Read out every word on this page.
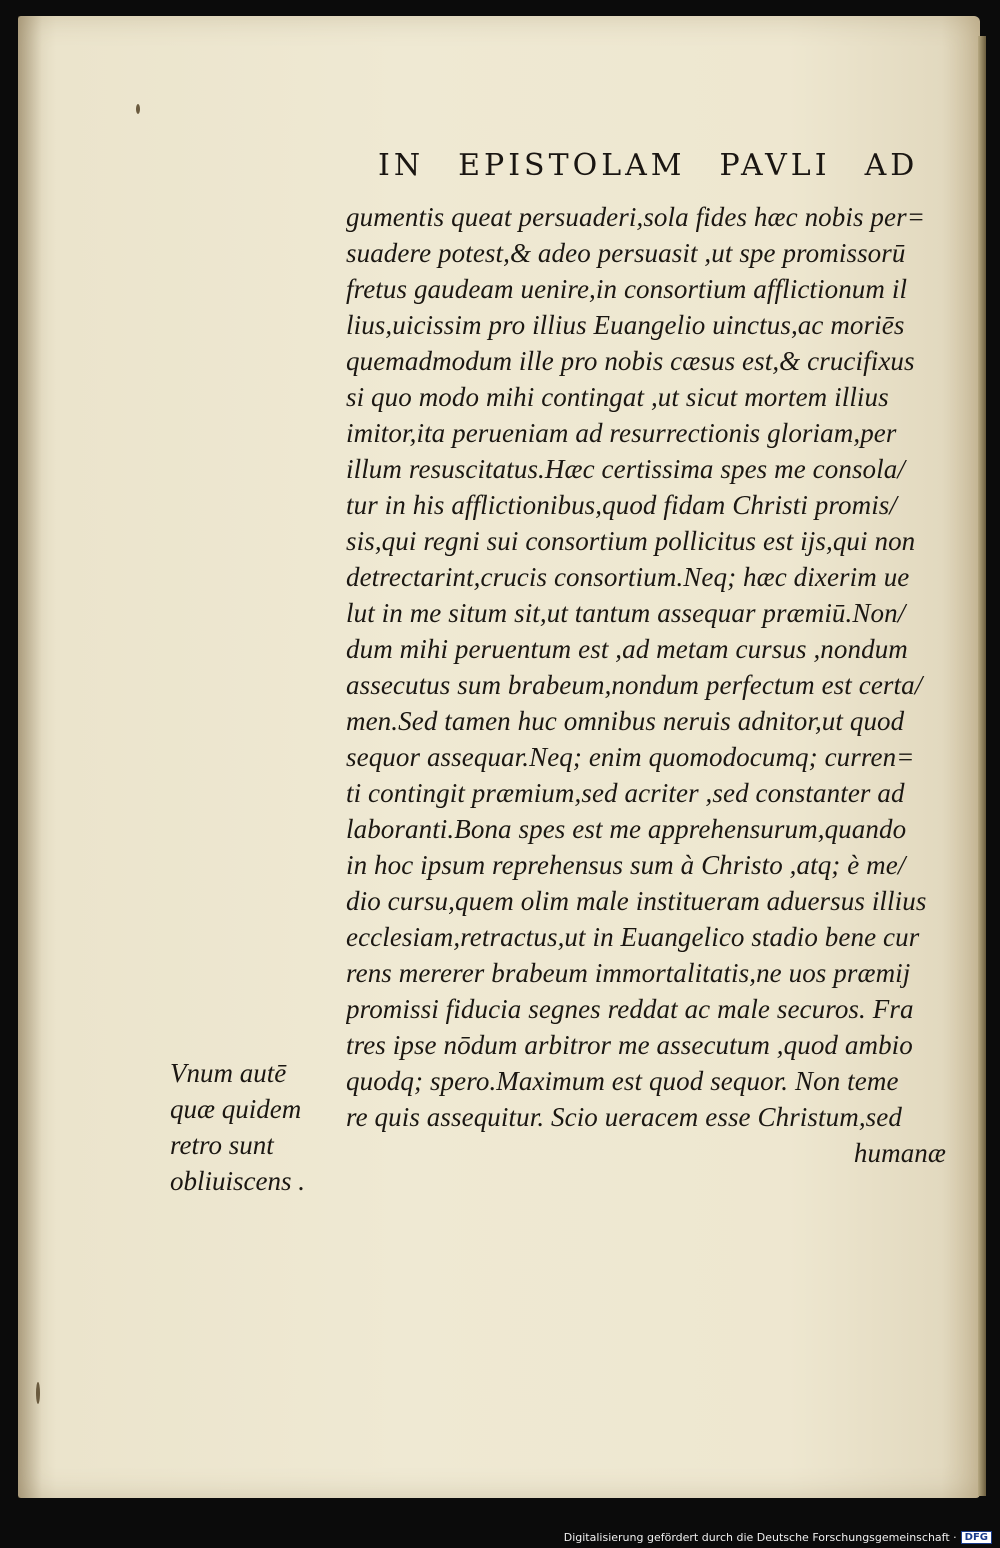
IN EPISTOLAM PAVLI AD
gumentis queat persuaderi,sola fides hæc nobis per=
suadere potest,& adeo persuasit ,ut spe promissorū
fretus gaudeam uenire,in consortium afflictionum il
lius,uicissim pro illius Euangelio uinctus,ac moriēs
quemadmodum ille pro nobis cæsus est,& crucifixus
si quo modo mihi contingat ,ut sicut mortem illius
imitor,ita perueniam ad resurrectionis gloriam,per
illum resuscitatus.Hæc certissima spes me consola/
tur in his afflictionibus,quod fidam Christi promis/
sis,qui regni sui consortium pollicitus est ijs,qui non
detrectarint,crucis consortium.Neq; hæc dixerim ue
lut in me situm sit,ut tantum assequar præmiū.Non/
dum mihi peruentum est ,ad metam cursus ,nondum
assecutus sum brabeum,nondum perfectum est certa/
men.Sed tamen huc omnibus neruis adnitor,ut quod
sequor assequar.Neq; enim quomodocumq; curren=
ti contingit præmium,sed acriter ,sed constanter ad
laboranti.Bona spes est me apprehensurum,quando
in hoc ipsum reprehensus sum à Christo ,atq; è me/
dio cursu,quem olim male institueram aduersus illius
ecclesiam,retractus,ut in Euangelico stadio bene cur
rens mererer brabeum immortalitatis,ne uos præmij
promissi fiducia segnes reddat ac male securos. Fra
tres ipse nōdum arbitror me assecutum ,quod ambio
quodq; spero.Maximum est quod sequor. Non teme
re quis assequitur. Scio ueracem esse Christum,sed
humanæ
Vnum autē
quæ quidem
retro sunt
obliuiscens .
Digitalisierung gefördert durch die Deutsche Forschungsgemeinschaft · DFG
